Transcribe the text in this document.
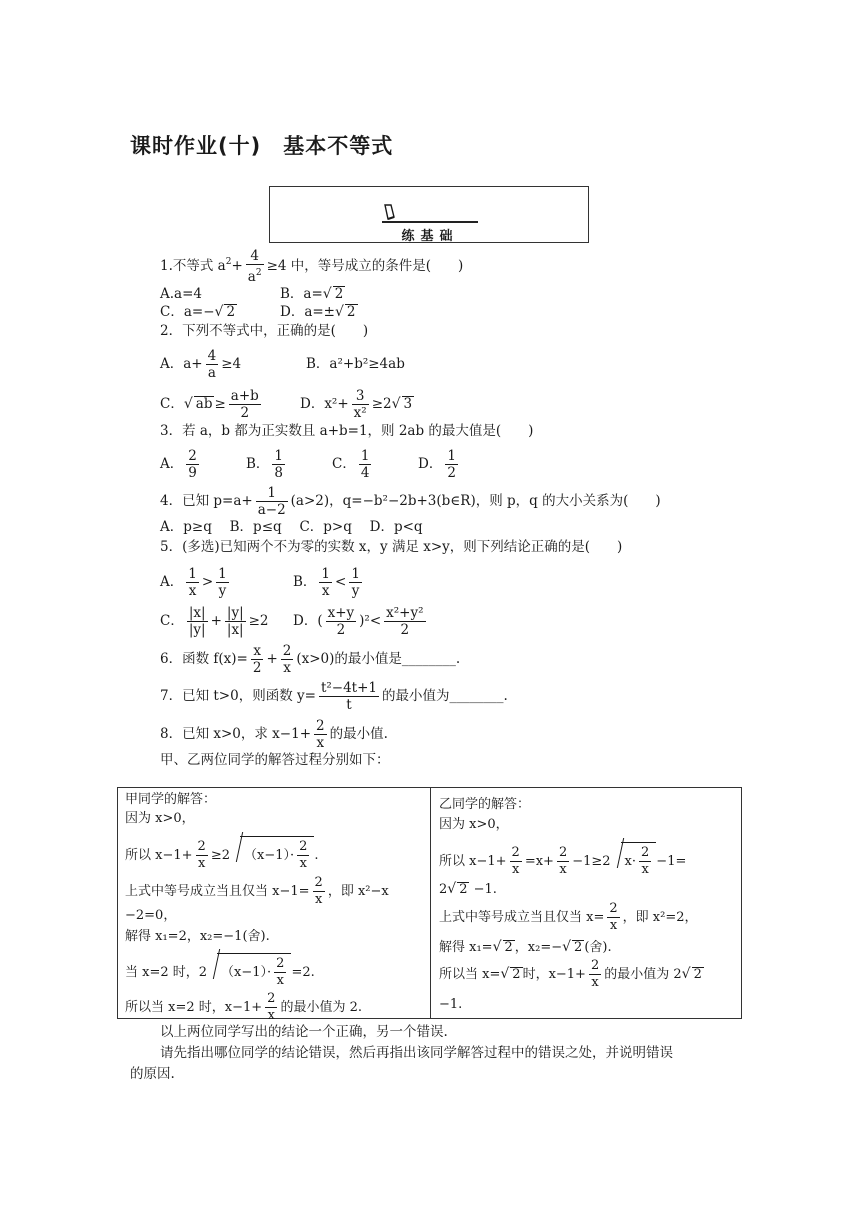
课时作业(十) 基本不等式
练基础
1.不等式 $a^2+ \frac{4}{a^2} \ge 4$ 中，等号成立的条件是(　　)
A.a=4	B．a=√ 2
C．a=−√ 2	D．a=±√ 2
2．下列不等式中，正确的是(　　)
A．$a+ \frac{4}{a} \ge 4$	B．a²+b²≥4ab
C．√ ab ≥ $\frac{a+b}{2}$	D．$x^2+ \frac{3}{\text{x²}} \ge 2√$ 3
3．若 a，b 都为正实数且 a+b=1，则 2ab 的最大值是(　　)
A． $\frac{2}{9}$	B． $\frac{1}{8}$	C． $\frac{1}{4}$	D． $\frac{1}{2}$
4．已知 $p=a+ \frac{1}{a-2} (a>2)$，q=−b²−2b+3(b∈R)，则 p，q 的大小关系为(　　)
A．p≥q　 B．p≤q　 C．p>q　 D．p<q
5．(多选)已知两个不为零的实数 x，y 满足 x>y，则下列结论正确的是(　　)
A． $\frac{1}{x} > \frac{1}{y}$	B． $\frac{1}{x} < \frac{1}{y}$
C． $\frac{|x|}{|y|} + \frac{|y|}{|x|} \ge 2$ D．( $\frac{x+y}{2} )^2< \frac{\text{x²+y²}}{2}$
6．函数 $f(x)= \frac{x}{2} + \frac{2}{x} (x>0)$的最小值是________.
7．已知 t>0，则函数 $y= \frac{\text{t²−4t+1}}{t}$ 的最小值为________.
8．已知 x>0，求 $x-1+ \frac{2}{x}$ 的最小值.
甲、乙两位同学的解答过程分别如下：
甲同学的解答：
因为 x>0，
所以 $x-1+ \frac{2}{x} \ge 2$ $(x-1)\cdot \frac{2}{x}$ .
上式中等号成立当且仅当 $x-1= \frac{2}{x}$ ，即 x²−x
−2=0，
解得 x₁=2，x₂=−1(舍).
当 x=2 时，2 $(x-1)\cdot \frac{2}{x} =2$.
所以当 x=2 时，$x-1+ \frac{2}{x}$ 的最小值为 2.
乙同学的解答：
因为 x>0，
所以 $x-1+ \frac{2}{x} =x+ \frac{2}{x} -1\ge 2$ $x\cdot \frac{2}{x} -1=$
2√ 2 −1.
上式中等号成立当且仅当 $x= \frac{2}{x}$ ，即 x²=2，
解得 x₁=√ 2 ，x₂=−√ 2 (舍).
所以当 x=√ 2 时，$x-1+ \frac{2}{x}$ 的最小值为 2√ 2
−1.
以上两位同学写出的结论一个正确，另一个错误.
请先指出哪位同学的结论错误，然后再指出该同学解答过程中的错误之处，并说明错误
的原因.
